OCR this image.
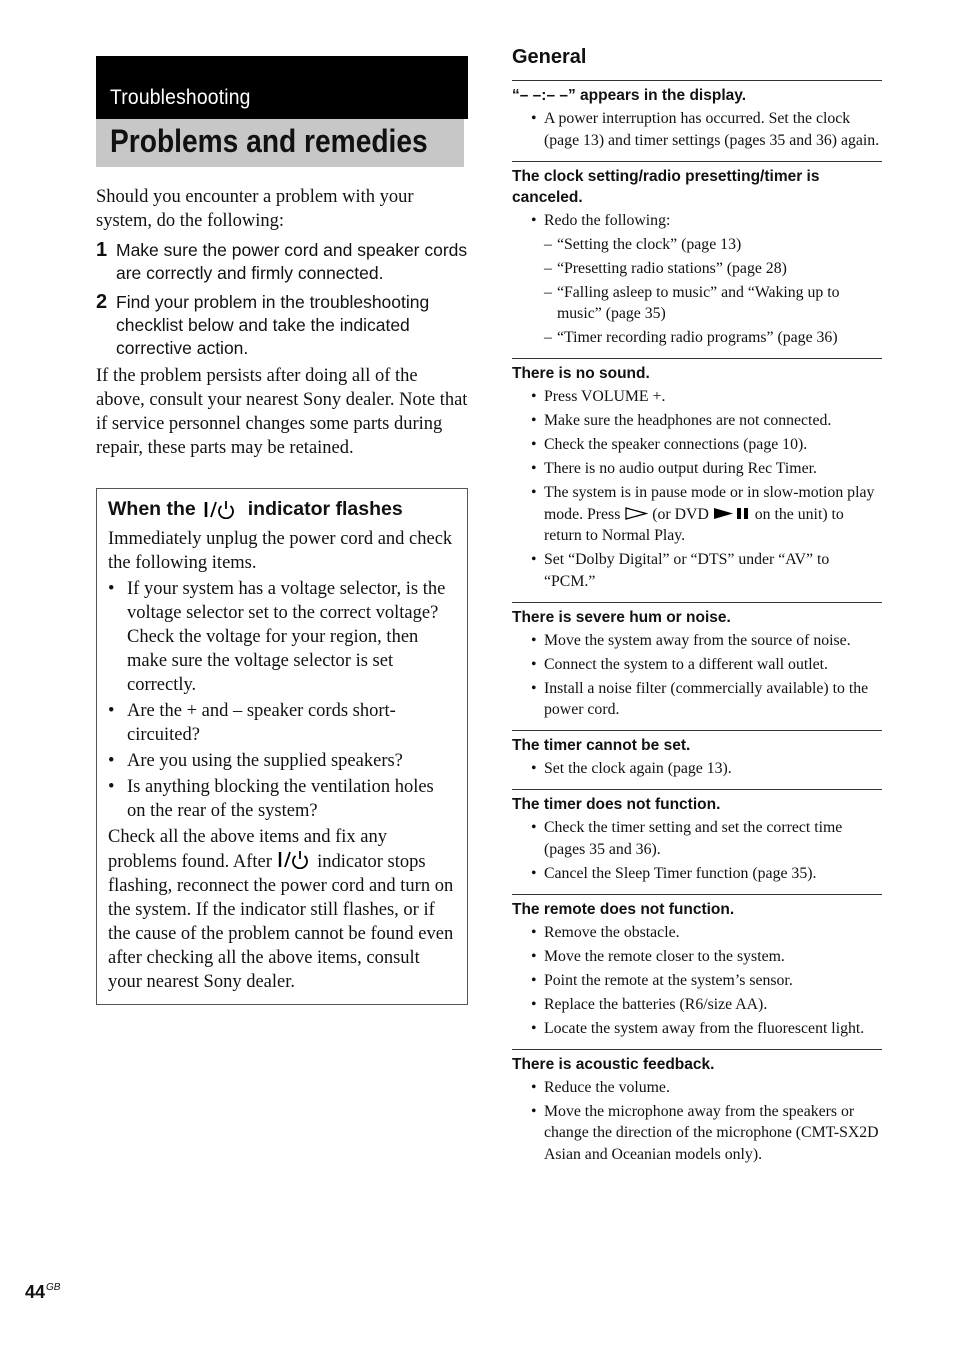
Troubleshooting
Problems and remedies
Should you encounter a problem with your system, do the following:
1 Make sure the power cord and speaker cords are correctly and firmly connected.
2 Find your problem in the troubleshooting checklist below and take the indicated corrective action.
If the problem persists after doing all of the above, consult your nearest Sony dealer. Note that if service personnel changes some parts during repair, these parts may be retained.
When the	indicator flashes
Immediately unplug the power cord and check the following items.
• If your system has a voltage selector, is the voltage selector set to the correct voltage? Check the voltage for your region, then make sure the voltage selector is set correctly.
• Are the + and – speaker cords short-circuited?
• Are you using the supplied speakers?
• Is anything blocking the ventilation holes on the rear of the system?
Check all the above items and fix any problems found. After
indicator stops flashing, reconnect the power cord and turn on the system. If the indicator still flashes, or if the cause of the problem cannot be found even after checking all the above items, consult your nearest Sony dealer.
General
“– –:– –” appears in the display.
• A power interruption has occurred. Set the clock (page 13) and timer settings (pages 35 and 36) again.
The clock setting/radio presetting/timer is canceled.
• Redo the following:
– “Setting the clock” (page 13)
– “Presetting radio stations” (page 28)
– “Falling asleep to music” and “Waking up to music” (page 35)
– “Timer recording radio programs” (page 36)
There is no sound.
• Press VOLUME +.
• Make sure the headphones are not connected.
• Check the speaker connections (page 10).
• There is no audio output during Rec Timer.
• The system is in pause mode or in slow-motion play mode. Press (or DVD	on the unit) to return to Normal Play.
• Set “Dolby Digital” or “DTS” under “AV” to “PCM.”
There is severe hum or noise.
• Move the system away from the source of noise.
• Connect the system to a different wall outlet.
• Install a noise filter (commercially available) to the power cord.
The timer cannot be set.
• Set the clock again (page 13).
The timer does not function.
• Check the timer setting and set the correct time (pages 35 and 36).
• Cancel the Sleep Timer function (page 35).
The remote does not function.
• Remove the obstacle.
• Move the remote closer to the system.
• Point the remote at the system’s sensor.
• Replace the batteries (R6/size AA).
• Locate the system away from the fluorescent light.
There is acoustic feedback.
• Reduce the volume.
• Move the microphone away from the speakers or change the direction of the microphone (CMT-SX2D Asian and Oceanian models only).
$44^{GB}$
